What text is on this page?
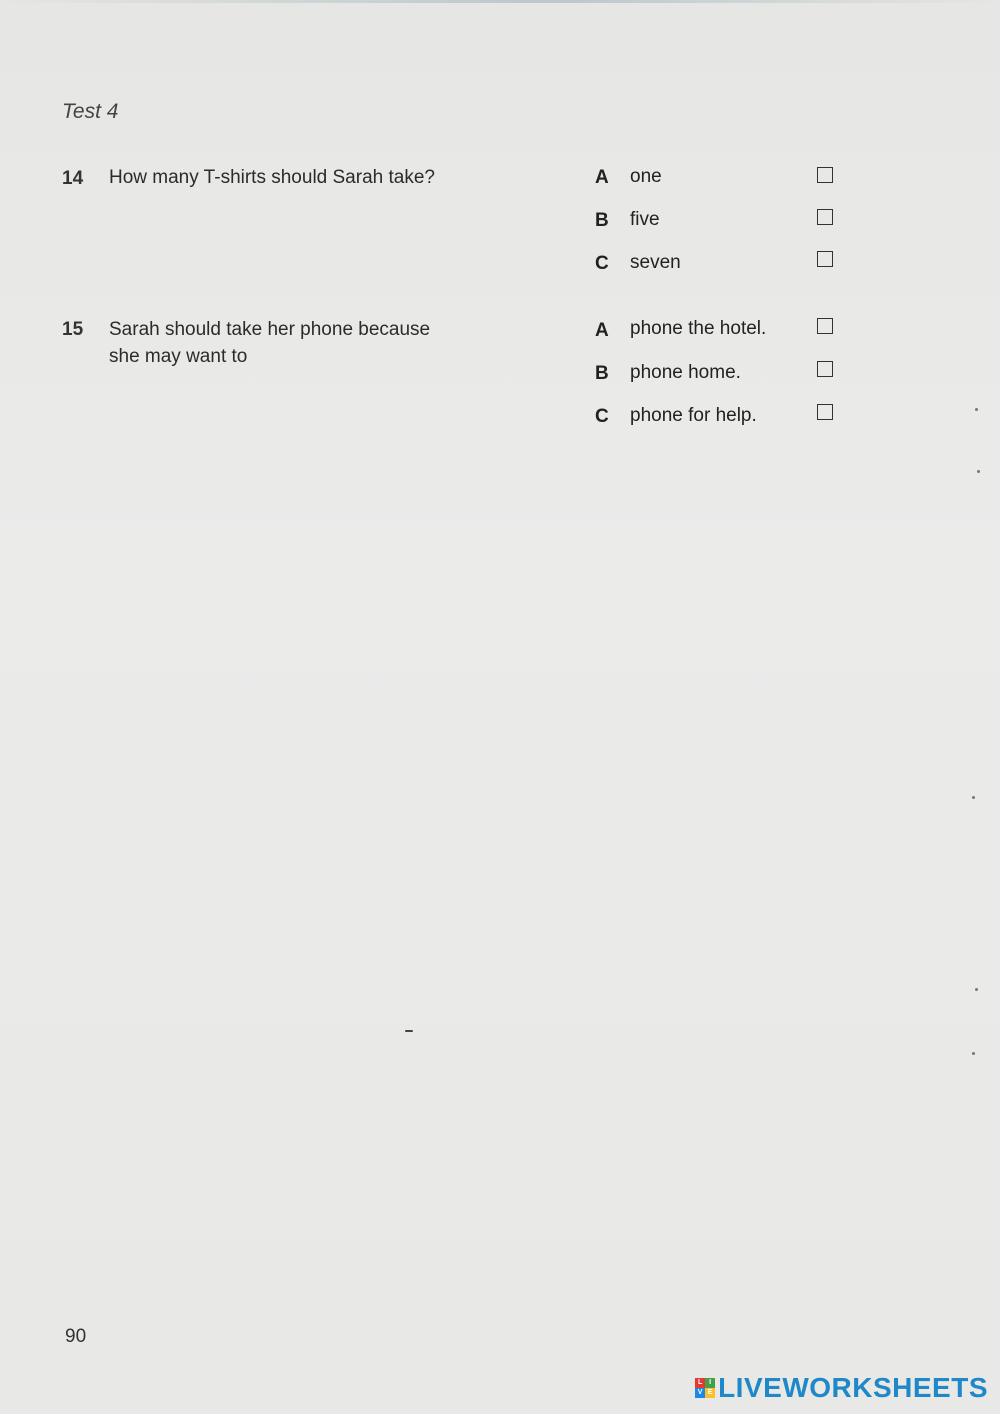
Test 4
14 How many T-shirts should Sarah take?	A one
B five
C seven
15 Sarah should take her phone because
she may want to
A phone the hotel.
B phone home.
C phone for help.
90
L I
V E LIVEWORKSHEETS
